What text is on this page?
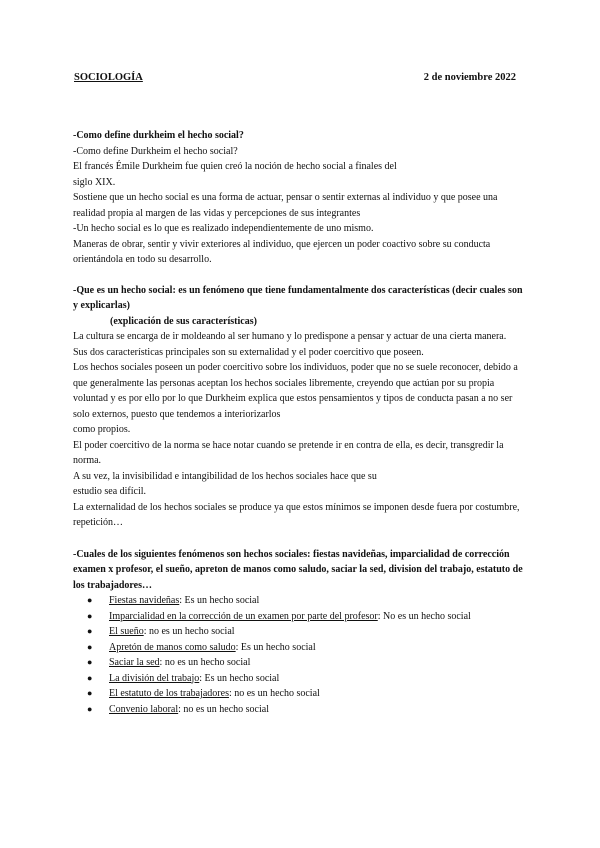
SOCIOLOGÍA	2 de noviembre 2022

-Como define durkheim el hecho social?

-Como define Durkheim el hecho social?

El francés Émile Durkheim fue quien creó la noción de hecho social a finales del

siglo XIX.

Sostiene que un hecho social es una forma de actuar, pensar o sentir externas al individuo y que posee una realidad propia al margen de las vidas y percepciones de sus integrantes

-Un hecho social es lo que es realizado independientemente de uno mismo.

Maneras de obrar, sentir y vivir exteriores al individuo, que ejercen un poder coactivo sobre su conducta orientándola en todo su desarrollo.

-Que es un hecho social: es un fenómeno que tiene fundamentalmente dos características (decir cuales son y explicarlas)

(explicación de sus características)

La cultura se encarga de ir moldeando al ser humano y lo predispone a pensar y actuar de una cierta manera.

Sus dos características principales son su externalidad y el poder coercitivo que poseen.

Los hechos sociales poseen un poder coercitivo sobre los individuos, poder que no se suele reconocer, debido a que generalmente las personas aceptan los hechos sociales libremente, creyendo que actúan por su propia voluntad y es por ello por lo que Durkheim explica que estos pensamientos y tipos de conducta pasan a no ser solo externos, puesto que tendemos a interiorizarlos

como propios.

El poder coercitivo de la norma se hace notar cuando se pretende ir en contra de ella, es decir, transgredir la norma.

A su vez, la invisibilidad e intangibilidad de los hechos sociales hace que su

estudio sea difícil.

La externalidad de los hechos sociales se produce ya que estos mínimos se imponen desde fuera por costumbre, repetición…

-Cuales de los siguientes fenómenos son hechos sociales: fiestas navideñas, imparcialidad de corrección examen x profesor, el sueño, apreton de manos como saludo, saciar la sed, division del trabajo, estatuto de los trabajadores…

● Fiestas navideñas: Es un hecho social
● Imparcialidad en la corrección de un examen por parte del profesor: No es un hecho social
● El sueño: no es un hecho social
● Apretón de manos como saludo: Es un hecho social
● Saciar la sed: no es un hecho social
● La división del trabajo: Es un hecho social
● El estatuto de los trabajadores: no es un hecho social
● Convenio laboral: no es un hecho social
